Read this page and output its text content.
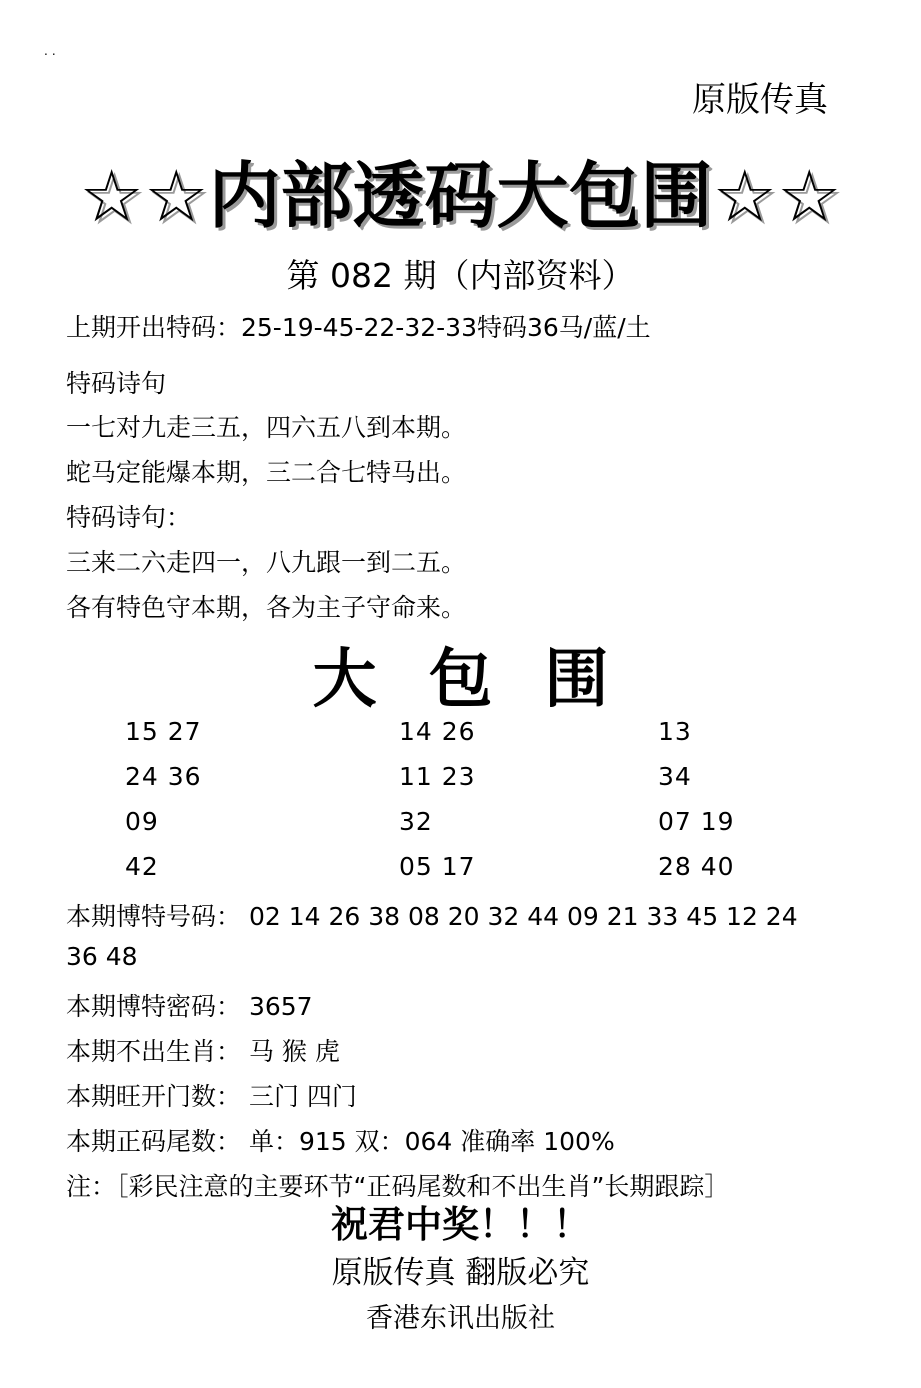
..
原版传真
☆☆内部透码大包围☆☆
第 082 期（内部资料）
上期开出特码：25-19-45-22-32-33特码36马/蓝/土
特码诗句
一七对九走三五，四六五八到本期。
蛇马定能爆本期，三二合七特马出。
特码诗句：
三来二六走四一，八九跟一到二五。
各有特色守本期，各为主子守命来。
大包围
15 27	14 26	13
24 36	11 23	34
09	32	07 19
42	05 17	28 40
本期博特号码： 02 14 26 38 08 20 32 44 09 21 33 45 12 24
36 48
本期博特密码： 3657
本期不出生肖： 马 猴 虎
本期旺开门数： 三门 四门
本期正码尾数： 单：915 双：064 准确率 100%
注：［彩民注意的主要环节“正码尾数和不出生肖”长期跟踪］
祝君中奖！！！
原版传真 翻版必究
香港东讯出版社
